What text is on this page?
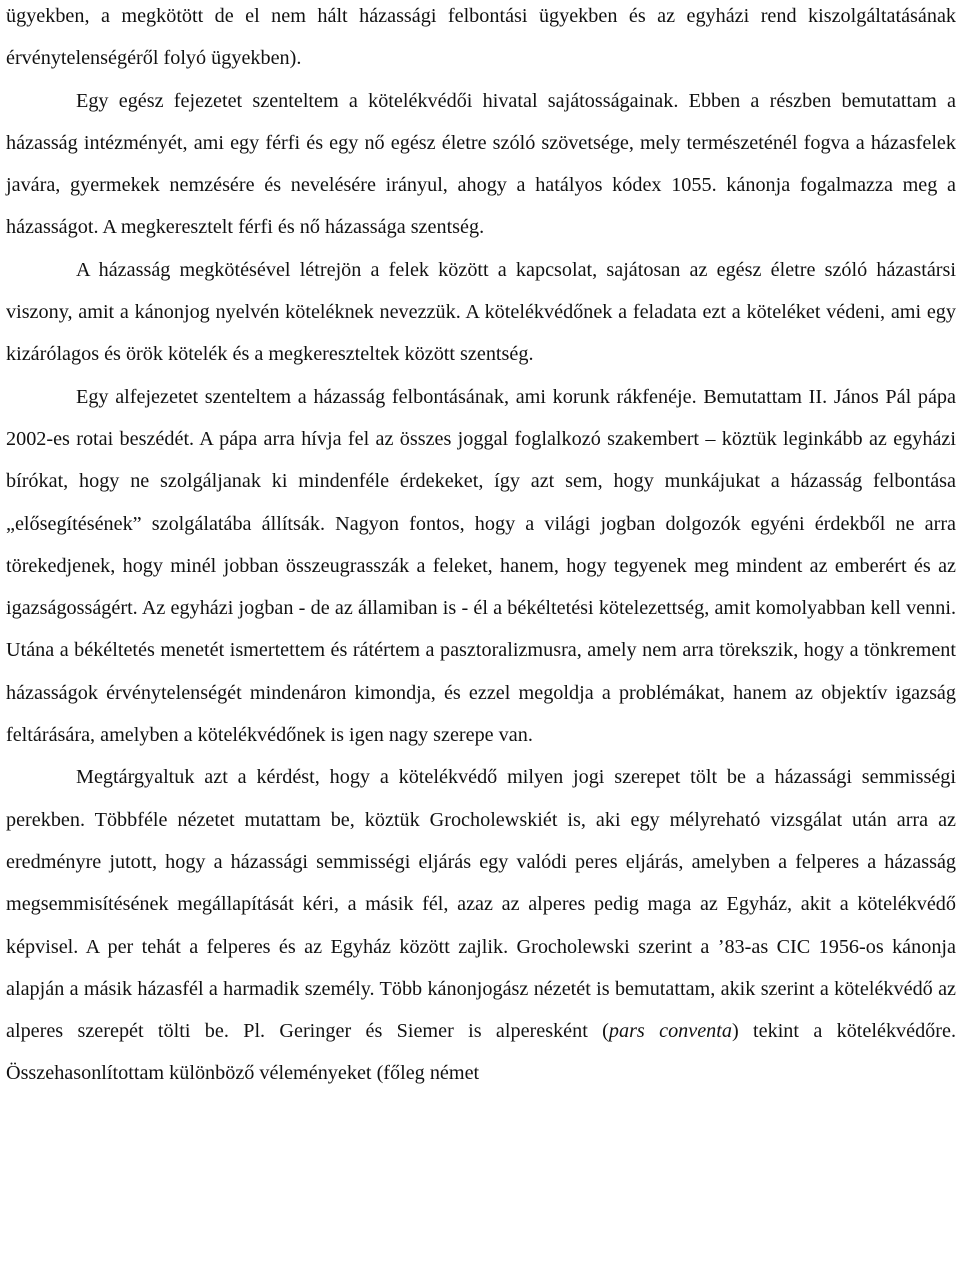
ügyekben, a megkötött de el nem hált házassági felbontási ügyekben és az egyházi rend kiszolgáltatásának érvénytelenségéről folyó ügyekben).

Egy egész fejezetet szenteltem a kötelékvédői hivatal sajátosságainak. Ebben a részben bemutattam a házasság intézményét, ami egy férfi és egy nő egész életre szóló szövetsége, mely természeténél fogva a házasfelek javára, gyermekek nemzésére és nevelésére irányul, ahogy a hatályos kódex 1055. kánonja fogalmazza meg a házasságot. A megkeresztelt férfi és nő házassága szentség.

A házasság megkötésével létrejön a felek között a kapcsolat, sajátosan az egész életre szóló házastársi viszony, amit a kánonjog nyelvén köteléknek nevezzük. A kötelékvédőnek a feladata ezt a köteléket védeni, ami egy kizárólagos és örök kötelék és a megkereszteltek között szentség.

Egy alfejezetet szenteltem a házasság felbontásának, ami korunk rákfenéje. Bemutattam II. János Pál pápa 2002-es rotai beszédét. A pápa arra hívja fel az összes joggal foglalkozó szakembert – köztük leginkább az egyházi bírókat, hogy ne szolgáljanak ki mindenféle érdekeket, így azt sem, hogy munkájukat a házasság felbontása „elősegítésének” szolgálatába állítsák. Nagyon fontos, hogy a világi jogban dolgozók egyéni érdekből ne arra törekedjenek, hogy minél jobban összeugrasszák a feleket, hanem, hogy tegyenek meg mindent az emberért és az igazságosságért. Az egyházi jogban - de az államiban is - él a békéltetési kötelezettség, amit komolyabban kell venni. Utána a békéltetés menetét ismertettem és rátértem a pasztoralizmusra, amely nem arra törekszik, hogy a tönkrement házasságok érvénytelenségét mindenáron kimondja, és ezzel megoldja a problémákat, hanem az objektív igazság feltárására, amelyben a kötelékvédőnek is igen nagy szerepe van.

Megtárgyaltuk azt a kérdést, hogy a kötelékvédő milyen jogi szerepet tölt be a házassági semmisségi perekben. Többféle nézetet mutattam be, köztük Grocholewskiét is, aki egy mélyreható vizsgálat után arra az eredményre jutott, hogy a házassági semmisségi eljárás egy valódi peres eljárás, amelyben a felperes a házasság megsemmisítésének megállapítását kéri, a másik fél, azaz az alperes pedig maga az Egyház, akit a kötelékvédő képvisel. A per tehát a felperes és az Egyház között zajlik. Grocholewski szerint a ’83-as CIC 1956-os kánonja alapján a másik házasfél a harmadik személy. Több kánonjogász nézetét is bemutattam, akik szerint a kötelékvédő az alperes szerepét tölti be. Pl. Geringer és Siemer is alperesként (pars conventa) tekint a kötelékvédőre. Összehasonlítottam különböző véleményeket (főleg német
